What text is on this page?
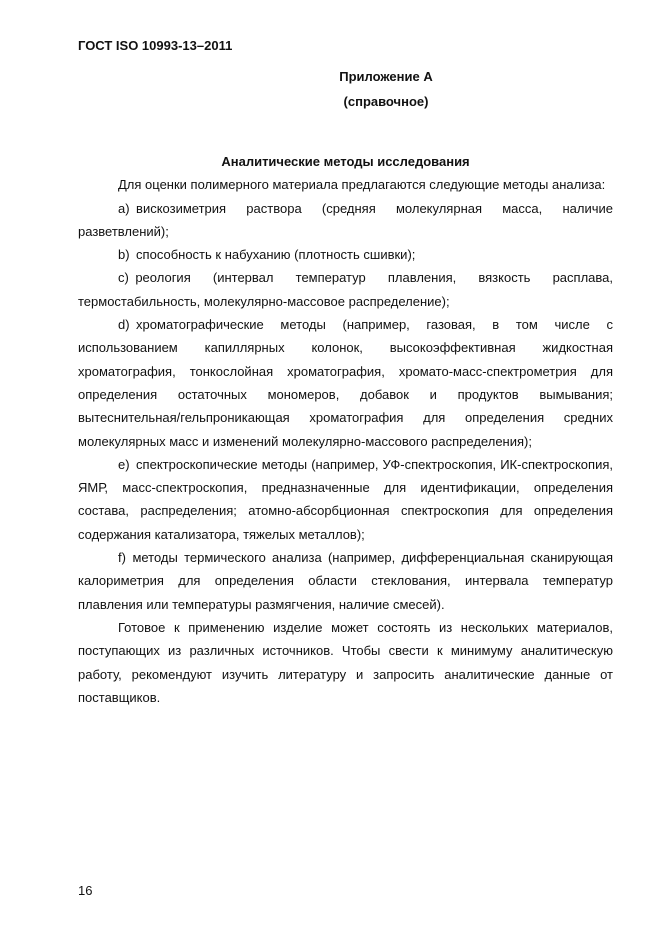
ГОСТ ISO 10993-13–2011
Приложение А
(справочное)
Аналитические методы исследования

Для оценки полимерного материала предлагаются следующие методы анализа:

a) вискозиметрия раствора (средняя молекулярная масса, наличие разветвлений);

b) способность к набуханию (плотность сшивки);

c) реология (интервал температур плавления, вязкость расплава, термостабильность, молекулярно-массовое распределение);

d) хроматографические методы (например, газовая, в том числе с использованием капиллярных колонок, высокоэффективная жидкостная хроматография, тонкослойная хроматография, хромато-масс-спектрометрия для определения остаточных мономеров, добавок и продуктов вымывания; вытеснительная/гельпроникающая хроматография для определения средних молекулярных масс и изменений молекулярно-массового распределения);

e) спектроскопические методы (например, УФ-спектроскопия, ИК-спектроскопия, ЯМР, масс-спектроскопия, предназначенные для идентификации, определения состава, распределения; атомно-абсорбционная спектроскопия для определения содержания катализатора, тяжелых металлов);

f) методы термического анализа (например, дифференциальная сканирующая калориметрия для определения области стеклования, интервала температур плавления или температуры размягчения, наличие смесей).

Готовое к применению изделие может состоять из нескольких материалов, поступающих из различных источников. Чтобы свести к минимуму аналитическую работу, рекомендуют изучить литературу и запросить аналитические данные от поставщиков.

16
